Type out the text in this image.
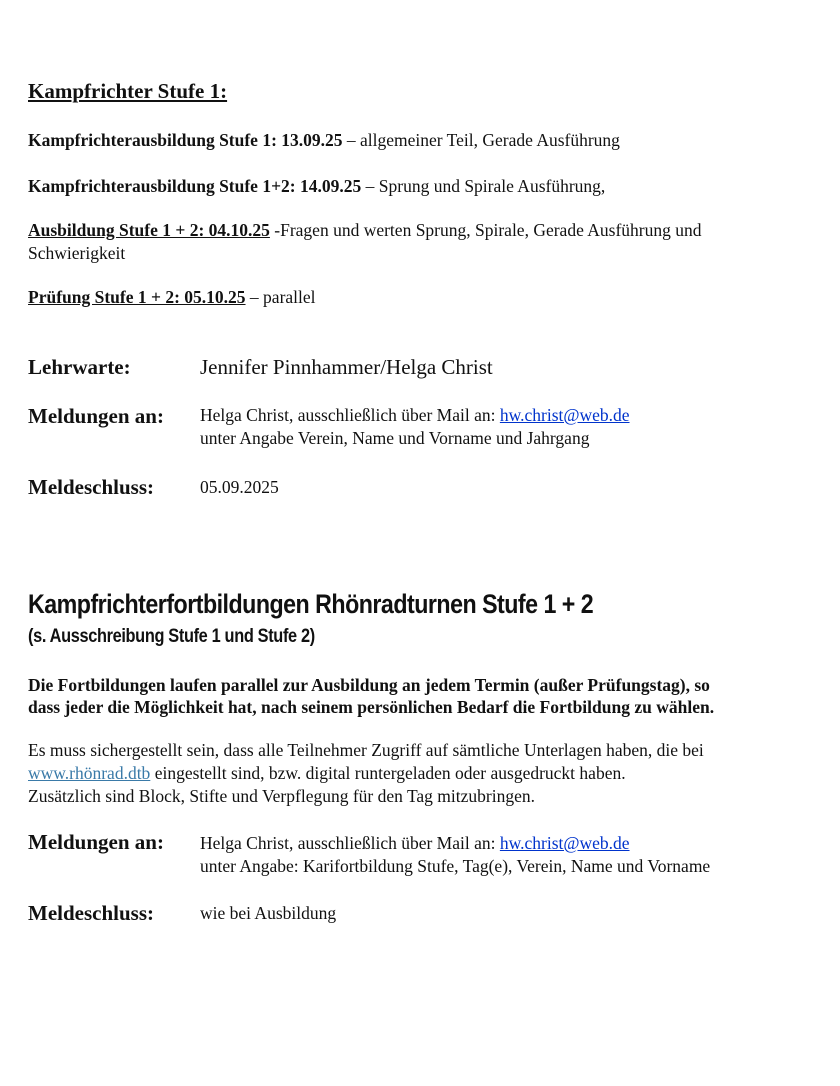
Kampfrichter Stufe 1:
Kampfrichterausbildung Stufe 1: 13.09.25 – allgemeiner Teil, Gerade Ausführung
Kampfrichterausbildung Stufe 1+2: 14.09.25 – Sprung und Spirale Ausführung,
Ausbildung Stufe 1 + 2: 04.10.25 -Fragen und werten Sprung, Spirale, Gerade Ausführung und
Schwierigkeit
Prüfung Stufe 1 + 2: 05.10.25 – parallel
Lehrwarte:	Jennifer Pinnhammer/Helga Christ
Meldungen an: Helga Christ, ausschließlich über Mail an: hw.christ@web.de
unter Angabe Verein, Name und Vorname und Jahrgang
Meldeschluss:	05.09.2025
Kampfrichterfortbildungen Rhönradturnen Stufe 1 + 2
(s. Ausschreibung Stufe 1 und Stufe 2)
Die Fortbildungen laufen parallel zur Ausbildung an jedem Termin (außer Prüfungstag), so
dass jeder die Möglichkeit hat, nach seinem persönlichen Bedarf die Fortbildung zu wählen.
Es muss sichergestellt sein, dass alle Teilnehmer Zugriff auf sämtliche Unterlagen haben, die bei
www.rhönrad.dtb eingestellt sind, bzw. digital runtergeladen oder ausgedruckt haben.
Zusätzlich sind Block, Stifte und Verpflegung für den Tag mitzubringen.
Meldungen an: Helga Christ, ausschließlich über Mail an: hw.christ@web.de
unter Angabe: Karifortbildung Stufe, Tag(e), Verein, Name und Vorname
Meldeschluss:	wie bei Ausbildung
